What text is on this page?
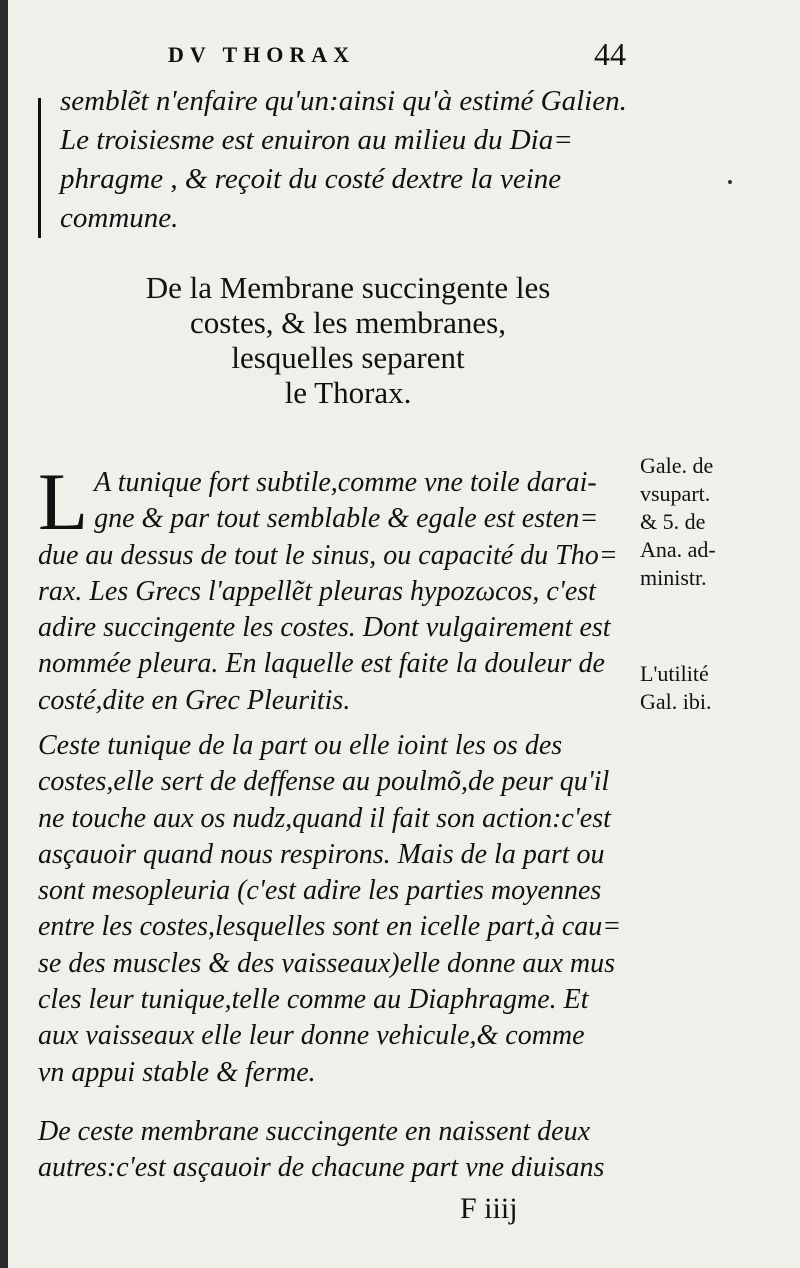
DV THORAX	44
semblẽt n'enfaire qu'un:ainsi qu'à estimé Galien.
Le troisiesme est enuiron au milieu du Dia=
phragme , & reçoit du costé dextre la veine
commune.
De la Membrane succingente les
costes, & les membranes,
lesquelles separent
le Thorax.
L A tunique fort subtile,comme vne toile darai-
gne & par tout semblable & egale est esten=
due au dessus de tout le sinus, ou capacité du Tho=
rax. Les Grecs l'appellẽt pleuras hypozωcos, c'est
adire succingente les costes. Dont vulgairement est
nommée pleura. En laquelle est faite la douleur de
costé,dite en Grec Pleuritis.
Ceste tunique de la part ou elle ioint les os des
costes,elle sert de deffense au poulmõ,de peur qu'il
ne touche aux os nudz,quand il fait son action:c'est
asçauoir quand nous respirons. Mais de la part ou
sont mesopleuria (c'est adire les parties moyennes
entre les costes,lesquelles sont en icelle part,à cau=
se des muscles & des vaisseaux)elle donne aux mus
cles leur tunique,telle comme au Diaphragme. Et
aux vaisseaux elle leur donne vehicule,& comme
vn appui stable & ferme.
De ceste membrane succingente en naissent deux
autres:c'est asçauoir de chacune part vne diuisans
Gale. de
vsupart.
& 5. de
Ana. ad-
ministr.
L'utilité
Gal. ibi.
F iiij
